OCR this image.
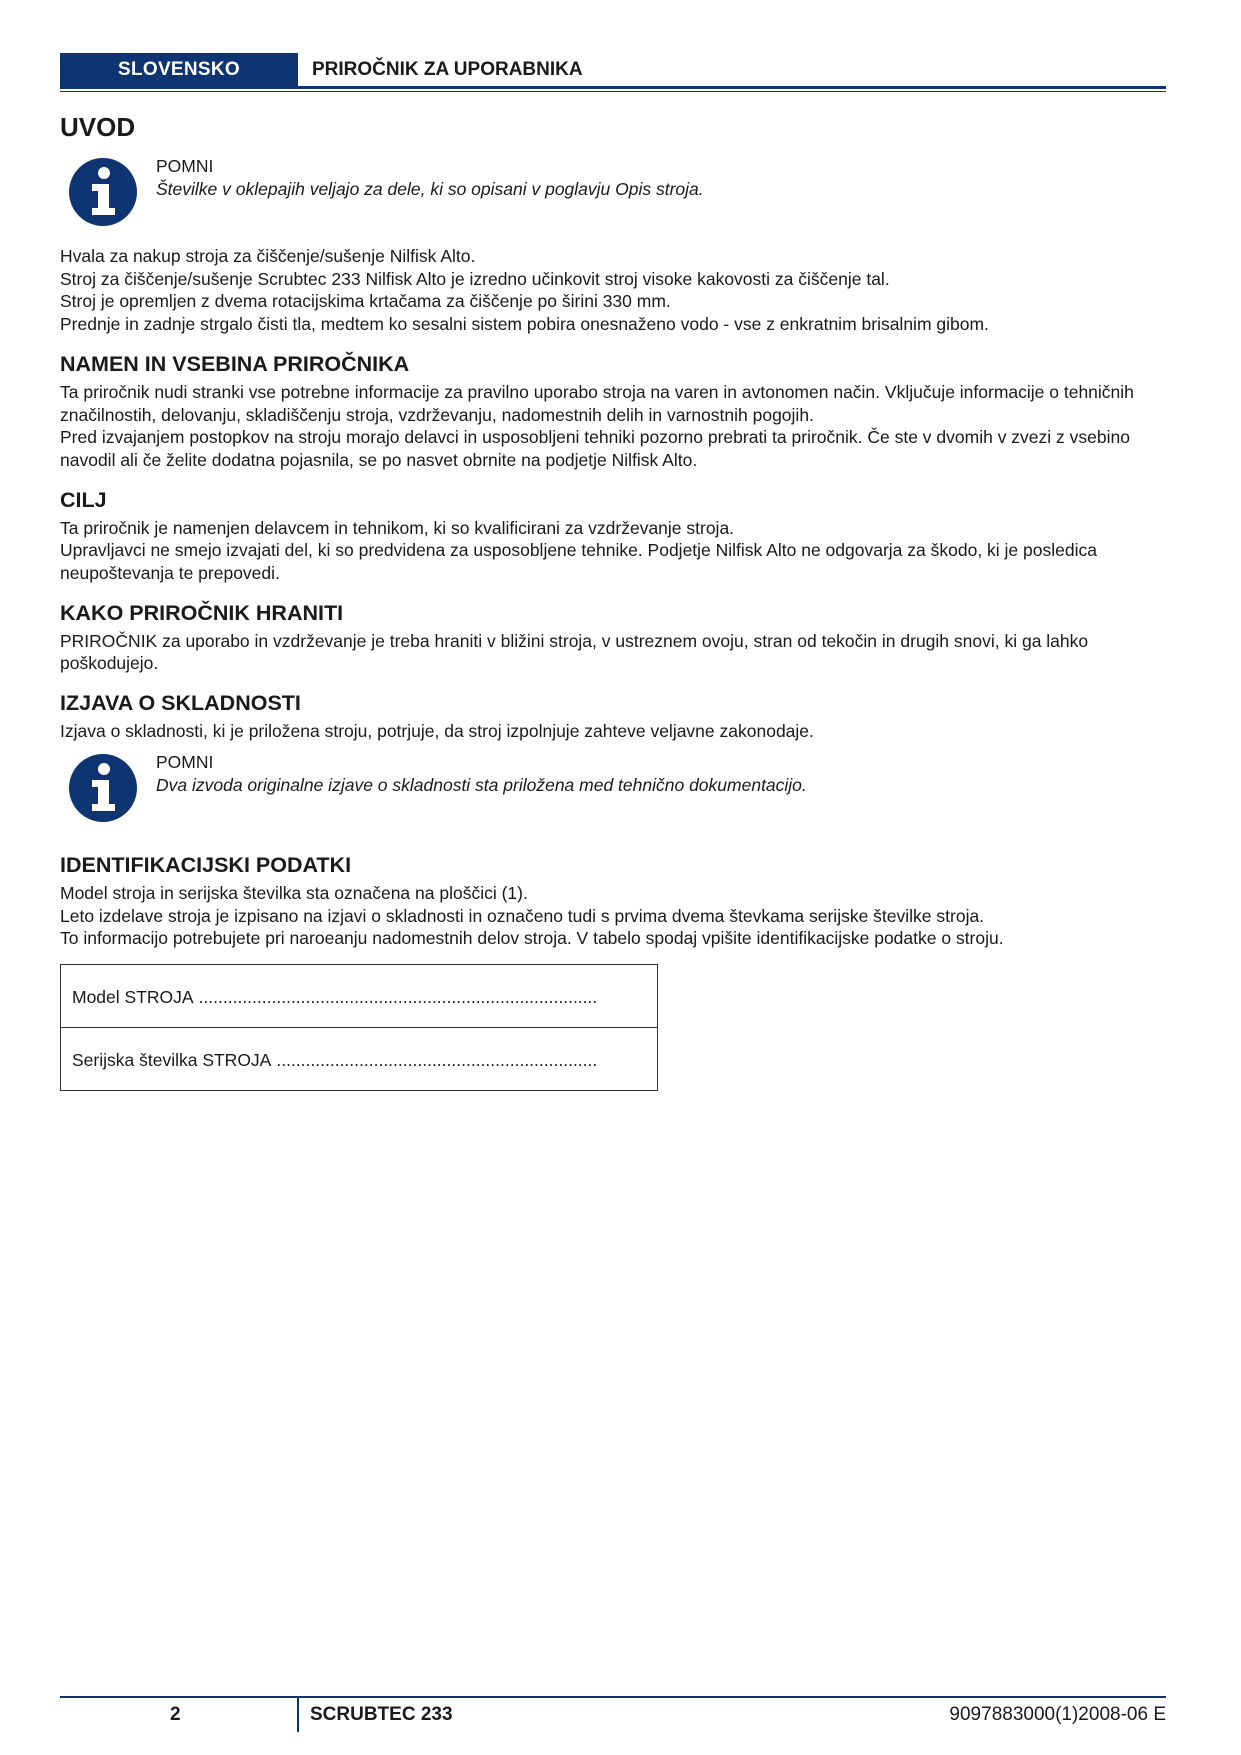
SLOVENSKO	PRIROČNIK ZA UPORABNIKA
UVOD
POMNI
Številke v oklepajih veljajo za dele, ki so opisani v poglavju Opis stroja.

Hvala za nakup stroja za čiščenje/sušenje Nilfisk Alto.

Stroj za čiščenje/sušenje Scrubtec 233 Nilfisk Alto je izredno učinkovit stroj visoke kakovosti za čiščenje tal.

Stroj je opremljen z dvema rotacijskima krtačama za čiščenje po širini 330 mm.

Prednje in zadnje strgalo čisti tla, medtem ko sesalni sistem pobira onesnaženo vodo - vse z enkratnim brisalnim gibom.

NAMEN IN VSEBINA PRIROČNIKA

Ta priročnik nudi stranki vse potrebne informacije za pravilno uporabo stroja na varen in avtonomen način. Vključuje informacije o tehničnih značilnostih, delovanju, skladiščenju stroja, vzdrževanju, nadomestnih delih in varnostnih pogojih.

Pred izvajanjem postopkov na stroju morajo delavci in usposobljeni tehniki pozorno prebrati ta priročnik. Če ste v dvomih v zvezi z vsebino navodil ali če želite dodatna pojasnila, se po nasvet obrnite na podjetje Nilfisk Alto.

CILJ

Ta priročnik je namenjen delavcem in tehnikom, ki so kvalificirani za vzdrževanje stroja.

Upravljavci ne smejo izvajati del, ki so predvidena za usposobljene tehnike. Podjetje Nilfisk Alto ne odgovarja za škodo, ki je posledica neupoštevanja te prepovedi.

KAKO PRIROČNIK HRANITI

PRIROČNIK za uporabo in vzdrževanje je treba hraniti v bližini stroja, v ustreznem ovoju, stran od tekočin in drugih snovi, ki ga lahko poškodujejo.

IZJAVA O SKLADNOSTI

Izjava o skladnosti, ki je priložena stroju, potrjuje, da stroj izpolnjuje zahteve veljavne zakonodaje.

POMNI
Dva izvoda originalne izjave o skladnosti sta priložena med tehnično dokumentacijo.
IDENTIFIKACIJSKI PODATKI

Model stroja in serijska številka sta označena na ploščici (1).

Leto izdelave stroja je izpisano na izjavi o skladnosti in označeno tudi s prvima dvema števkama serijske številke stroja.

To informacijo potrebujete pri naroeanju nadomestnih delov stroja. V tabelo spodaj vpišite identifikacijske podatke o stroju.

Model STROJA ..................................................................................
Serijska številka STROJA ..................................................................
2	SCRUBTEC 233	9097883000(1)2008-06 E
